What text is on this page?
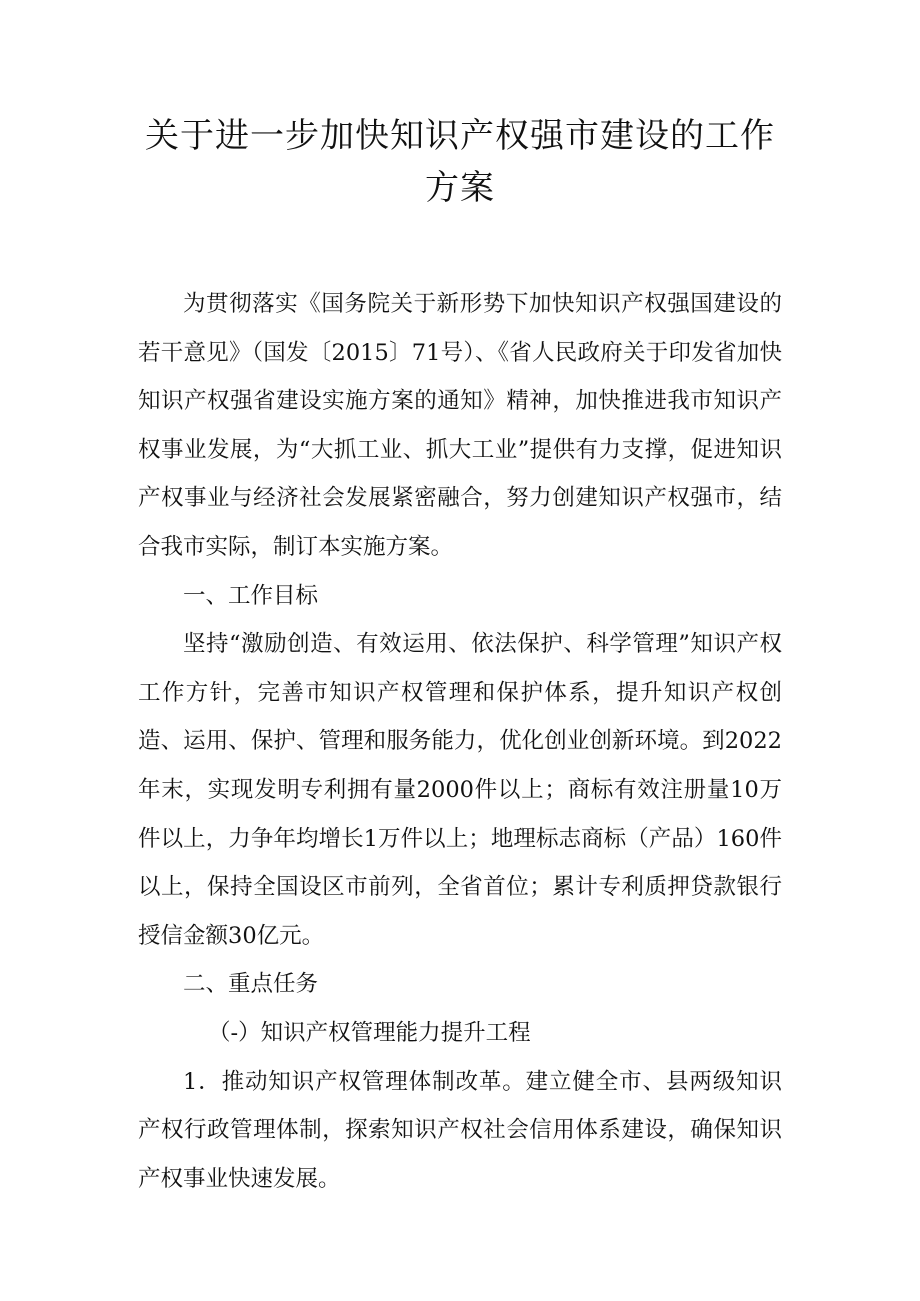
关于进一步加快知识产权强市建设的工作方案

为贯彻落实《国务院关于新形势下加快知识产权强国建设的若干意见》（国发〔2015〕71号）、《省人民政府关于印发省加快知识产权强省建设实施方案的通知》精神，加快推进我市知识产权事业发展，为“大抓工业、抓大工业”提供有力支撑，促进知识产权事业与经济社会发展紧密融合，努力创建知识产权强市，结合我市实际，制订本实施方案。

一、工作目标

坚持“激励创造、有效运用、依法保护、科学管理”知识产权工作方针，完善市知识产权管理和保护体系，提升知识产权创造、运用、保护、管理和服务能力，优化创业创新环境。到2022年末，实现发明专利拥有量2000件以上；商标有效注册量10万件以上，力争年均增长1万件以上；地理标志商标（产品）160件以上，保持全国设区市前列，全省首位；累计专利质押贷款银行授信金额30亿元。

二、重点任务

（-）知识产权管理能力提升工程

1．推动知识产权管理体制改革。建立健全市、县两级知识产权行政管理体制，探索知识产权社会信用体系建设，确保知识产权事业快速发展。
